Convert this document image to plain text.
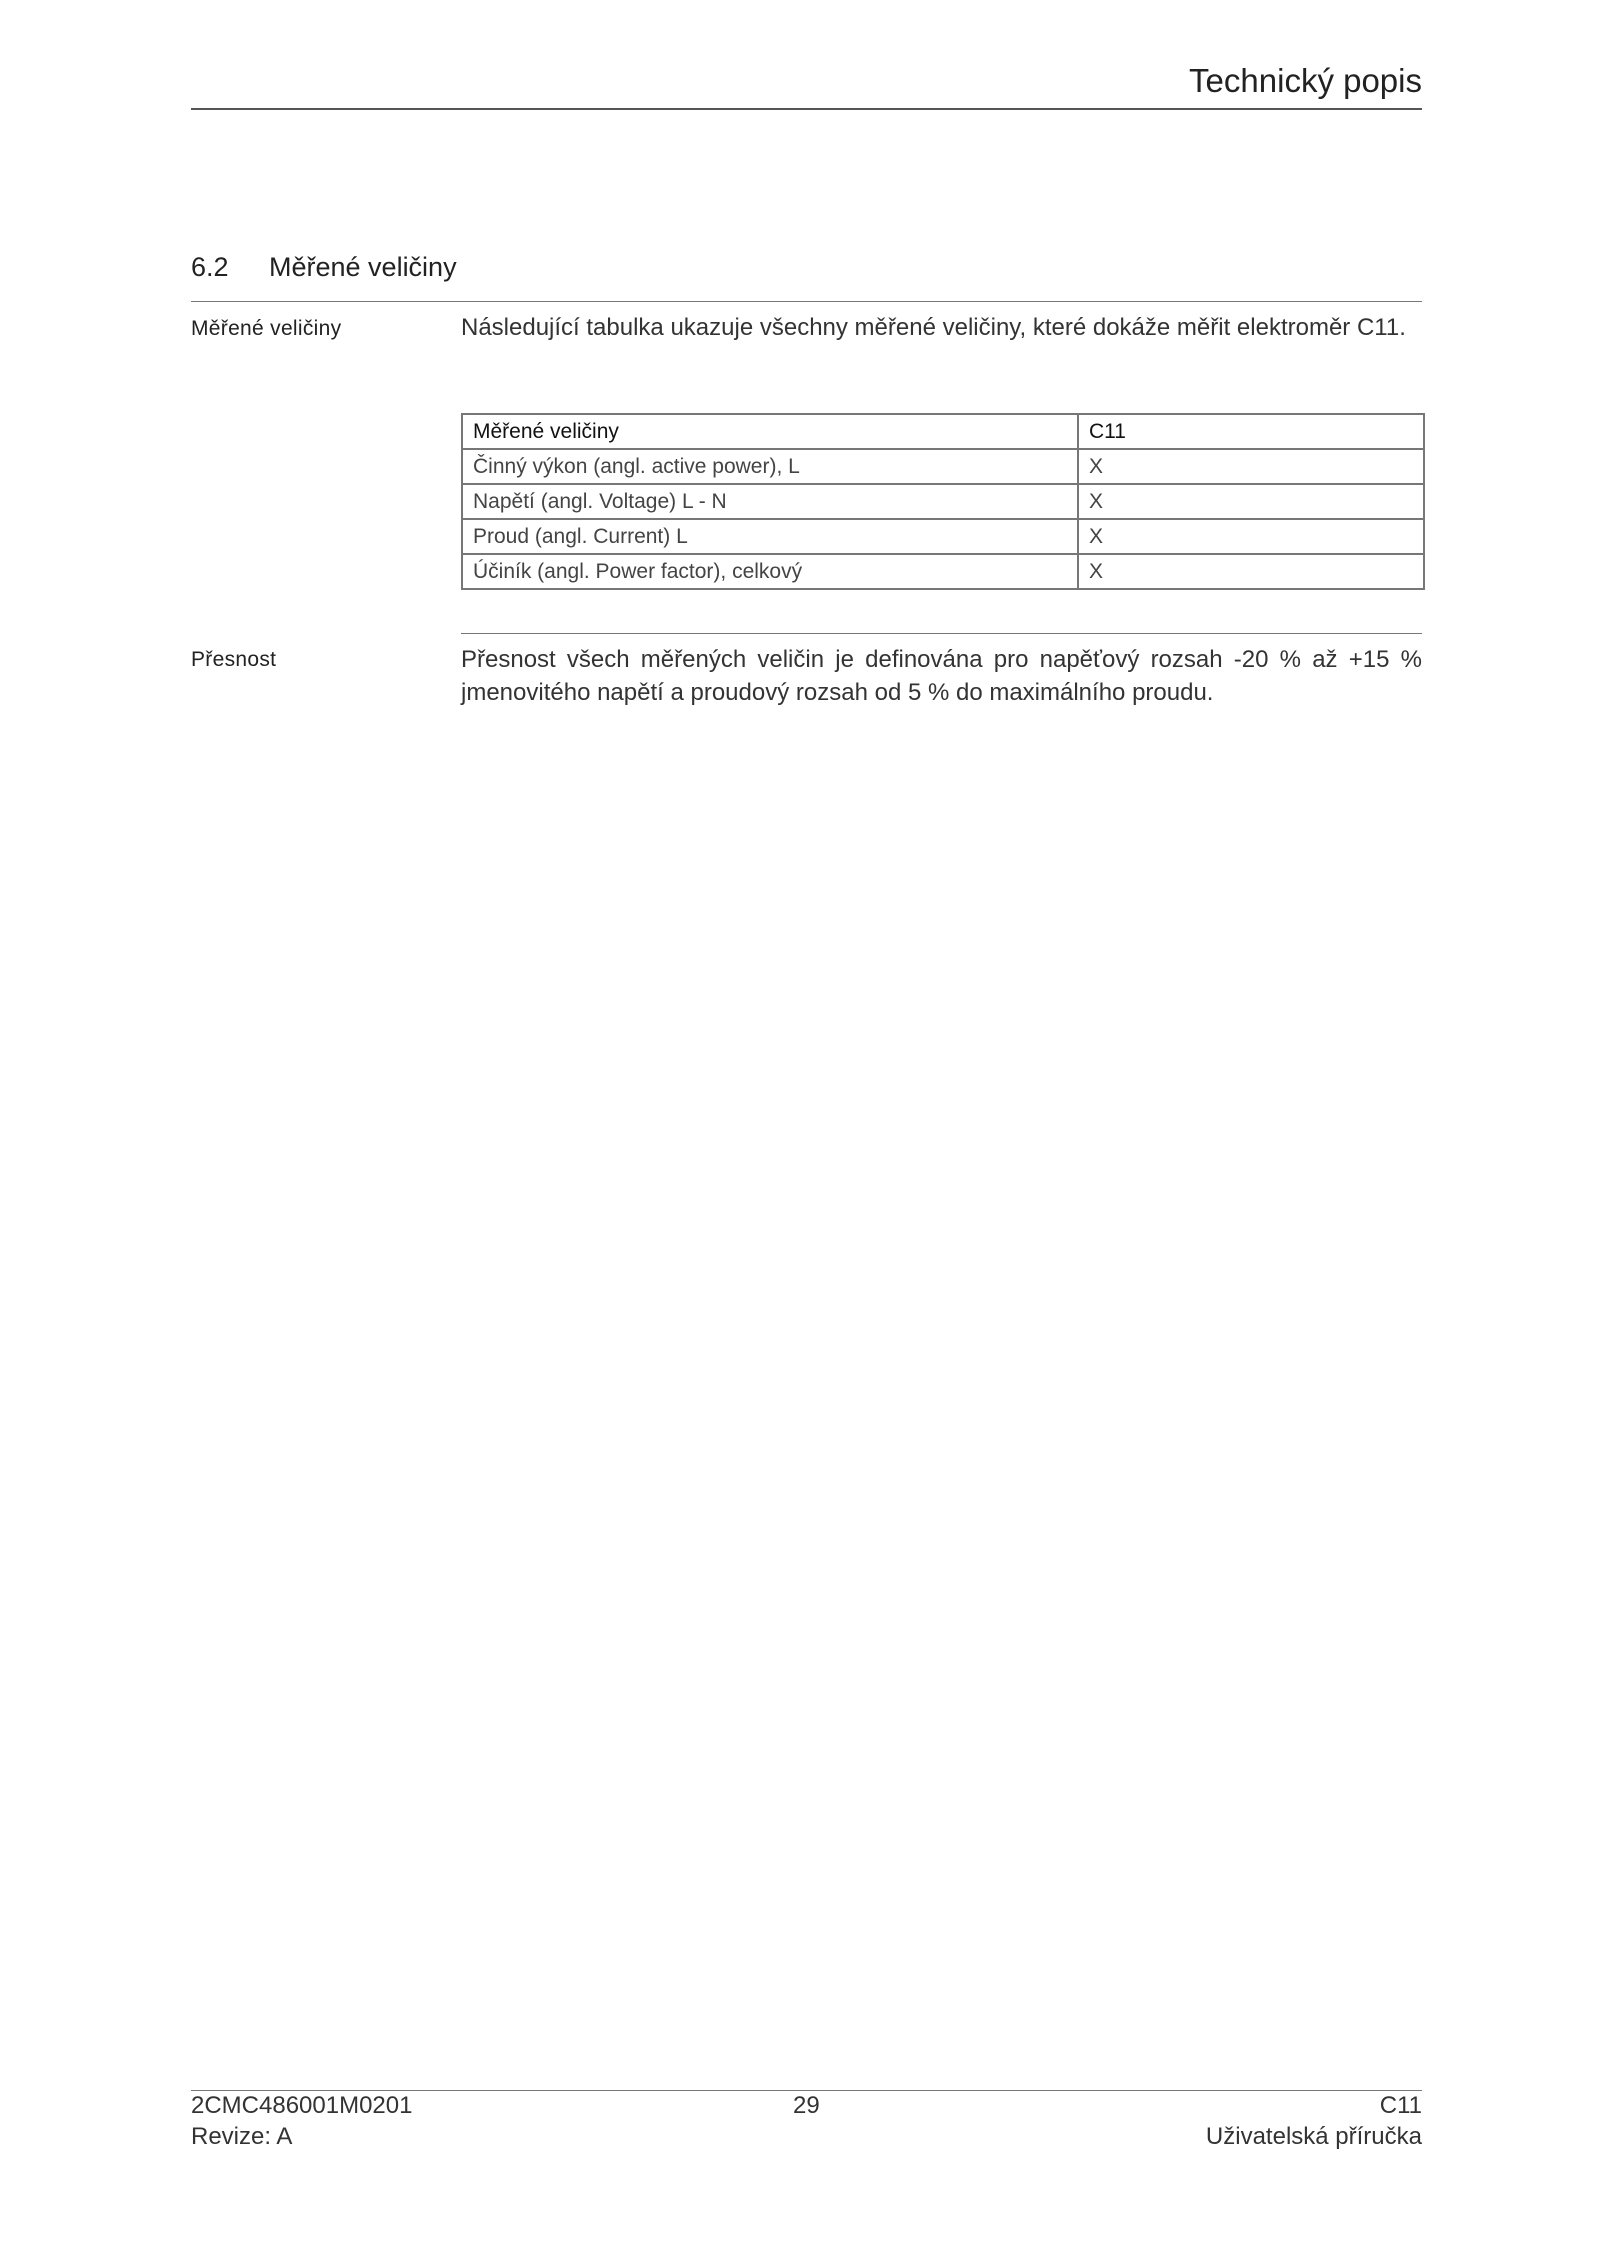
Technický popis
6.2 Měřené veličiny
Měřené veličiny	Následující tabulka ukazuje všechny měřené veličiny, které dokáže měřit elektroměr C11.
Měřené veličiny	C11
Činný výkon (angl. active power), L	X
Napětí (angl. Voltage) L - N	X
Proud (angl. Current) L	X
Účiník (angl. Power factor), celkový	X
Přesnost	Přesnost všech měřených veličin je definována pro napěťový rozsah -20 % až +15 % jmenovitého napětí a proudový rozsah od 5 % do maximálního proudu.
2CMC486001M0201
Revize: A
29	C11
Uživatelská příručka
